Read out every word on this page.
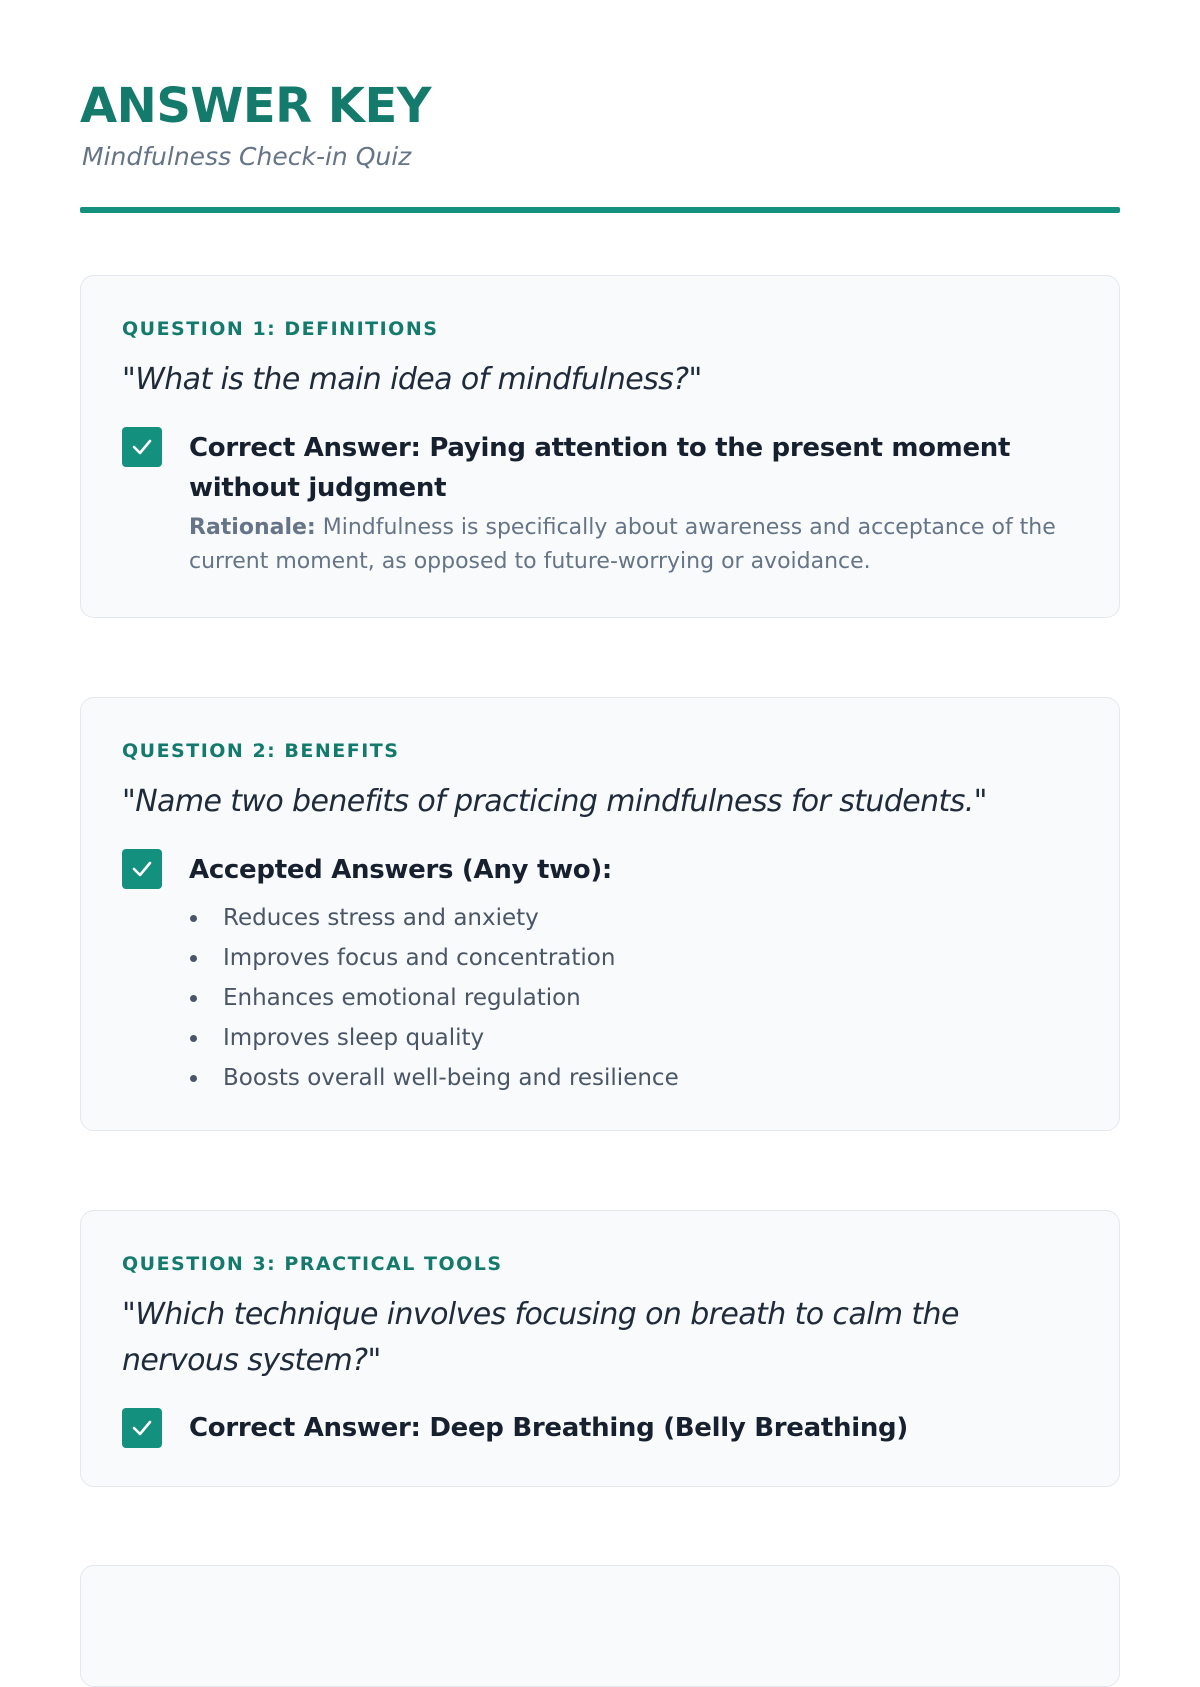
ANSWER KEY
Mindfulness Check-in Quiz
QUESTION 1: DEFINITIONS
"What is the main idea of mindfulness?"
Correct Answer: Paying attention to the present moment without judgment
Rationale: Mindfulness is specifically about awareness and acceptance of the current moment, as opposed to future-worrying or avoidance.
QUESTION 2: BENEFITS
"Name two benefits of practicing mindfulness for students."
Accepted Answers (Any two):
Reduces stress and anxiety
Improves focus and concentration
Enhances emotional regulation
Improves sleep quality
Boosts overall well-being and resilience
QUESTION 3: PRACTICAL TOOLS
"Which technique involves focusing on breath to calm the nervous system?"
Correct Answer: Deep Breathing (Belly Breathing)
